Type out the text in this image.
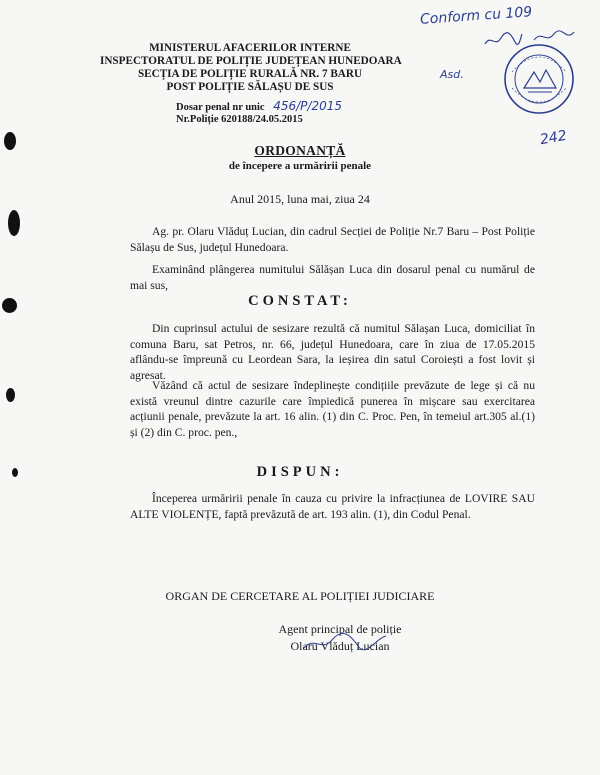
MINISTERUL AFACERILOR INTERNE
INSPECTORATUL DE POLIȚIE JUDEȚEAN HUNEDOARA
SECȚIA DE POLIȚIE RURALĂ NR. 7 BARU
POST POLIȚIE SĂLAȘU DE SUS
Dosar penal nr unic 456/P/2015
Nr.Poliție 620188/24.05.2015
Conform cu 109
Asd.
242
ORDONANȚĂ
de începere a urmăririi penale
Anul 2015, luna mai, ziua 24
Ag. pr. Olaru Vlăduț Lucian, din cadrul Secției de Poliție Nr.7 Baru – Post Poliție Sălașu de Sus, județul Hunedoara.
Examinând plângerea numitului Sălășan Luca din dosarul penal cu numărul de mai sus,
CONSTAT:
Din cuprinsul actului de sesizare rezultă că numitul Sălașan Luca, domiciliat în comuna Baru, sat Petros, nr. 66, județul Hunedoara, care în ziua de 17.05.2015 aflându-se împreună cu Leordean Sara, la ieșirea din satul Coroiești a fost lovit și agresat.
Văzând că actul de sesizare îndeplinește condițiile prevăzute de lege și că nu există vreunul dintre cazurile care împiedică punerea în mișcare sau exercitarea acțiunii penale, prevăzute la art. 16 alin. (1) din C. Proc. Pen, în temeiul art.305 al.(1) și (2) din C. proc. pen.,
DISPUN:
Începerea urmăririi penale în cauza cu privire la infracțiunea de LOVIRE SAU ALTE VIOLENȚE, faptă prevăzută de art. 193 alin. (1), din Codul Penal.
ORGAN DE CERCETARE AL POLIȚIEI JUDICIARE
Agent principal de poliție
Olaru Vlăduț Lucian
